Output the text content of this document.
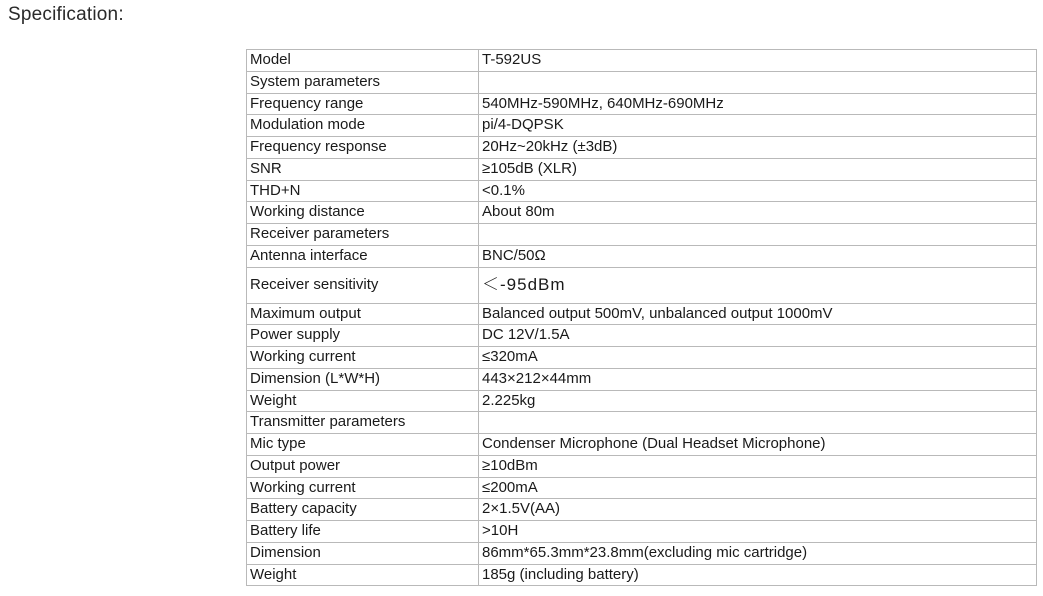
Specification:
Model	T-592US
System parameters	
Frequency range	540MHz-590MHz, 640MHz-690MHz
Modulation mode	pi/4-DQPSK
Frequency response	20Hz~20kHz (±3dB)
SNR	≥105dB (XLR)
THD+N	<0.1%
Working distance	About 80m
Receiver parameters	
Antenna interface	BNC/50Ω
Receiver sensitivity	＜-95dBm
Maximum output	Balanced output 500mV, unbalanced output 1000mV
Power supply	DC 12V/1.5A
Working current	≤320mA
Dimension (L*W*H)	443×212×44mm
Weight	2.225kg
Transmitter parameters	
Mic type	Condenser Microphone (Dual Headset Microphone)
Output power	≥10dBm
Working current	≤200mA
Battery capacity	2×1.5V(AA)
Battery life	>10H
Dimension	86mm*65.3mm*23.8mm(excluding mic cartridge)
Weight	185g (including battery)
